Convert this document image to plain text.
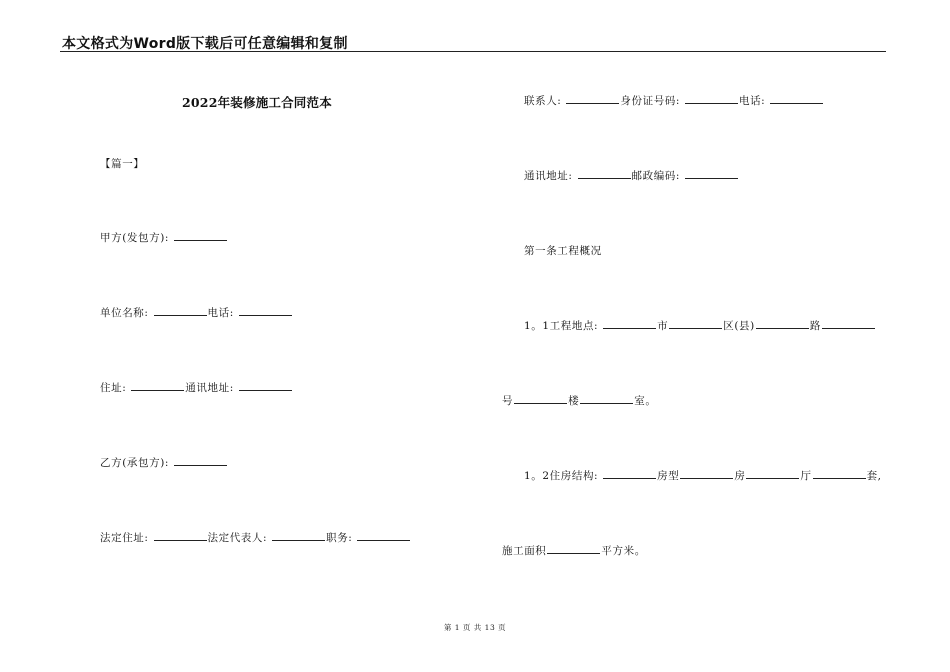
本文格式为Word版下载后可任意编辑和复制
2022年装修施工合同范本
【篇一】
甲方(发包方):
单位名称:	电话:
住址:	通讯地址:
乙方(承包方):
法定住址:	法定代表人:	职务:
联系人:	身份证号码:	电话:
通讯地址:	邮政编码:
第一条工程概况
1。1工程地点:	市	区(县)	路
号	楼	室。
1。2住房结构:	房型	房	厅	套,
施工面积	平方米。
第 1 页 共 13 页
